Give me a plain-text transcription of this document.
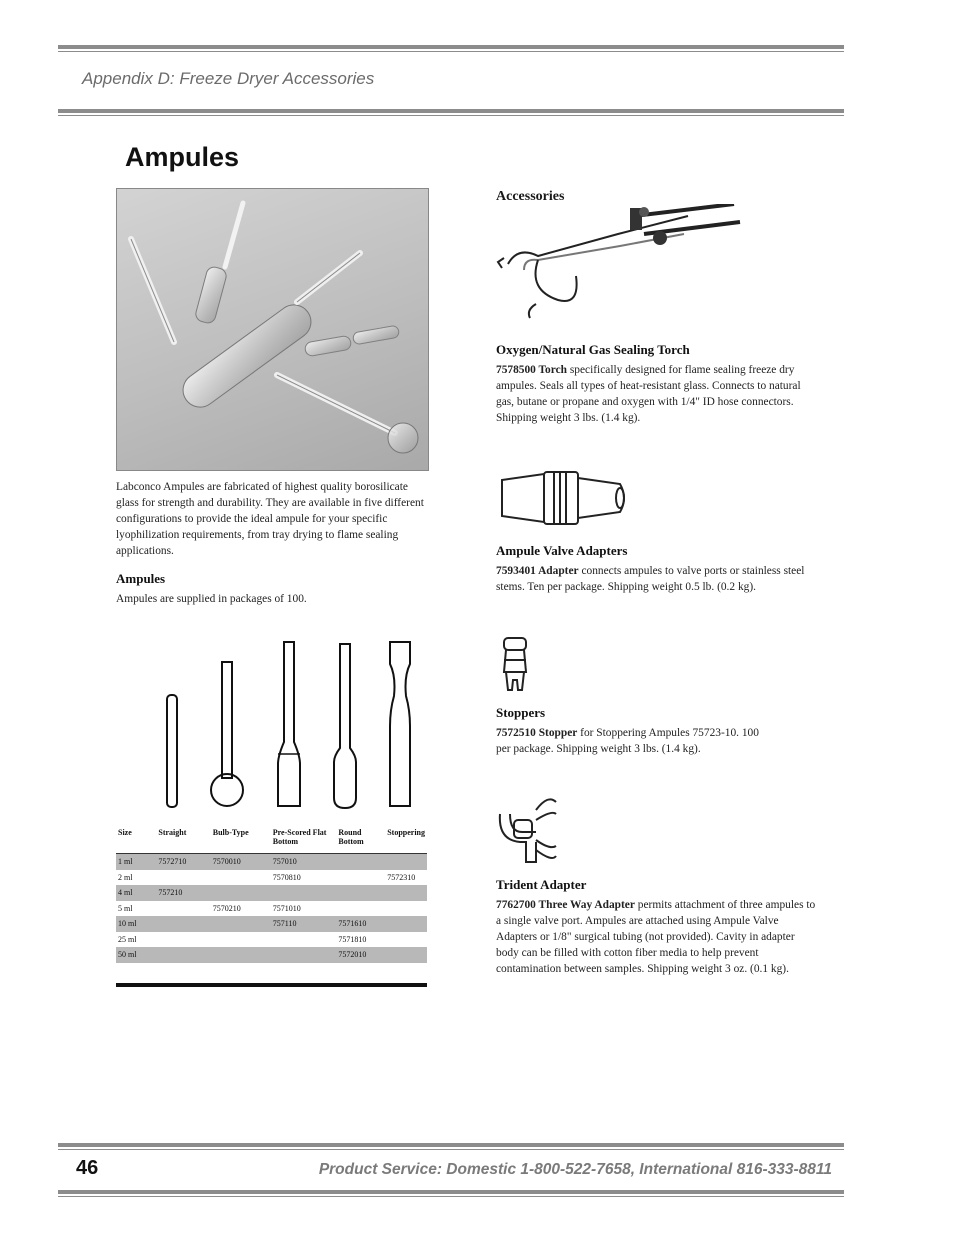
Appendix D: Freeze Dryer Accessories
Ampules

Labconco Ampules are fabricated of highest quality borosilicate glass for strength and durability. They are available in five different configurations to provide the ideal ampule for your specific lyophilization requirements, from tray drying to flame sealing applications.

Ampules

Ampules are supplied in packages of 100.

Size	Straight	Bulb-Type	Pre-Scored Flat Bottom	Round Bottom	Stoppering
1 ml	7572710	7570010	757010		
2 ml			7570810		7572310
4 ml	757210				
5 ml		7570210	7571010		
10 ml			757110	7571610	
25 ml				7571810	
50 ml				7572010	
Accessories
Oxygen/Natural Gas Sealing Torch

7578500 Torch specifically designed for flame sealing freeze dry ampules. Seals all types of heat-resistant glass. Connects to natural gas, butane or propane and oxygen with 1/4" ID hose connectors. Shipping weight 3 lbs. (1.4 kg).

Ampule Valve Adapters

7593401 Adapter connects ampules to valve ports or stainless steel stems. Ten per package. Shipping weight 0.5 lb. (0.2 kg).

Stoppers

7572510 Stopper for Stoppering Ampules 75723-10. 100 per package. Shipping weight 3 lbs. (1.4 kg).

Trident Adapter

7762700 Three Way Adapter permits attachment of three ampules to a single valve port. Ampules are attached using Ampule Valve Adapters or 1/8" surgical tubing (not provided). Cavity in adapter body can be filled with cotton fiber media to help prevent contamination between samples. Shipping weight 3 oz. (0.1 kg).

46	Product Service: Domestic 1-800-522-7658, International 816-333-8811
